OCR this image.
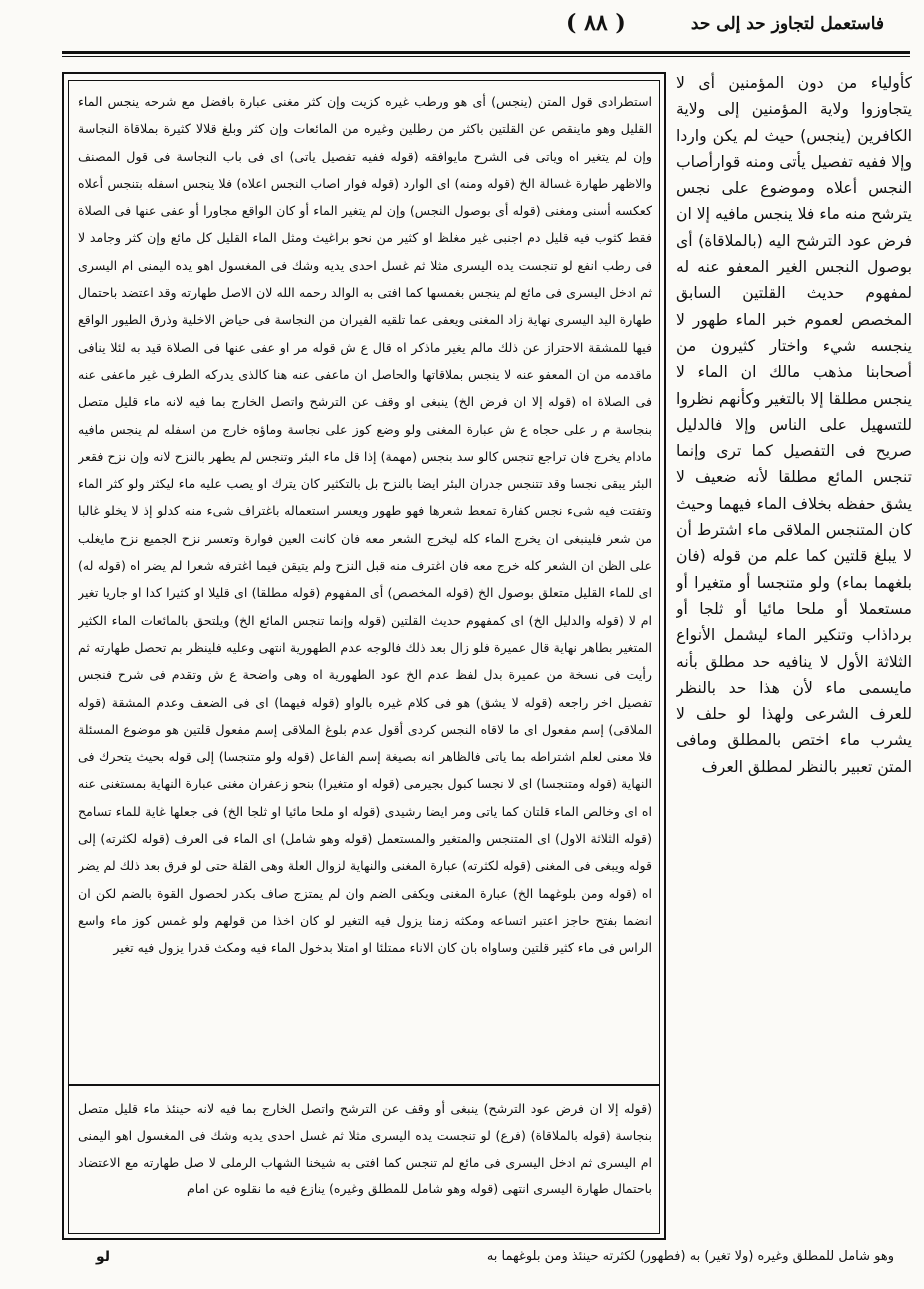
فاستعمل لتجاوز حد إلى حد
( ٨٨ )
استطرادى قول المتن (ينجس) أى هو ورطب غيره كزيت وإن كثر مغنى عبارة بافضل مع شرحه ينجس الماء القليل وهو ماينقص عن القلتين باكثر من رطلين وغيره من المائعات وإن كثر وبلغ قلالا كثيرة بملاقاة النجاسة وإن لم يتغير اه وياتى فى الشرح مايوافقه (قوله ففيه تفصيل ياتى) اى فى باب النجاسة فى قول المصنف والاظهر طهارة غسالة الخ (قوله ومنه) اى الوارد (قوله فوار اصاب النجس اعلاه) فلا ينجس اسفله بتنجس أعلاه كعكسه أسنى ومغنى (قوله أى بوصول النجس) وإن لم يتغير الماء أو كان الواقع مجاورا أو عفى عنها فى الصلاة فقط كثوب فيه قليل دم اجنبى غير مغلظ او كثير من نحو براغيث ومثل الماء القليل كل مائع وإن كثر وجامد لا فى رطب انفع لو تنجست يده اليسرى مثلا ثم غسل احدى يديه وشك فى المغسول اهو يده اليمنى ام اليسرى ثم ادخل اليسرى فى مائع لم ينجس بغمسها كما افتى به الوالد رحمه الله لان الاصل طهارته وقد اعتضد باحتمال طهارة اليد اليسرى نهاية زاد المغنى ويعفى عما تلقيه الفيران من النجاسة فى حياض الاخلية وذرق الطيور الواقع فيها للمشقة الاحتراز عن ذلك مالم يغير ماذكر اه قال ع ش قوله مر او عفى عنها فى الصلاة قيد به لئلا ينافى ماقدمه من ان المعفو عنه لا ينجس بملاقاتها والحاصل ان ماعفى عنه هنا كالذى يدركه الطرف غير ماعفى عنه فى الصلاة اه (قوله إلا ان فرض الخ) ينبغى او وقف عن الترشح واتصل الخارج بما فيه لانه ماء قليل متصل بنجاسة م ر على حجاه ع ش عبارة المغنى ولو وضع كوز على نجاسة وماؤه خارج من اسفله لم ينجس مافيه مادام يخرج فان تراجع تنجس كالو سد بنجس (مهمة) إذا قل ماء البئر وتنجس لم يطهر بالنزح لانه وإن نزح فقعر البئر يبقى نجسا وقد تتنجس جدران البئر ايضا بالنزح بل بالتكثير كان يترك او يصب عليه ماء ليكثر ولو كثر الماء وتفتت فيه شىء نجس كفارة تمعط شعرها فهو طهور ويعسر استعماله باغتراف شىء منه كدلو إذ لا يخلو غالبا من شعر فلينبغى ان يخرج الماء كله ليخرج الشعر معه فان كانت العين فوارة وتعسر نزح الجميع نزح مايغلب على الظن ان الشعر كله خرج معه فان اغترف منه قبل النزح ولم يتيقن فيما اغترفه شعرا لم يضر اه (قوله له) اى للماء القليل متعلق بوصول الخ (قوله المخصص) أى المفهوم (قوله مطلقا) اى قليلا او كثيرا كدا او جاريا تغير ام لا (قوله والدليل الخ) اى كمفهوم حديث القلتين (قوله وإنما تنجس المائع الخ) ويلتحق بالمائعات الماء الكثير المتغير بطاهر نهاية قال عميرة فلو زال بعد ذلك فالوجه عدم الطهورية انتهى وعليه فلينظر بم تحصل طهارته ثم رأيت فى نسخة من عميرة بدل لفظ عدم الخ عود الطهورية اه وهى واضحة ع ش وتقدم فى شرح فنجس تفصيل اخر راجعه (قوله لا يشق) هو فى كلام غيره بالواو (قوله فيهما) اى فى الضعف وعدم المشقة (قوله الملاقى) إسم مفعول اى ما لاقاه النجس كردى أقول عدم بلوغ الملاقى إسم مفعول قلتين هو موضوع المسئلة فلا معنى لعلم اشتراطه بما ياتى فالظاهر انه بصيغة إسم الفاعل (قوله ولو متنجسا) إلى قوله بحيث يتحرك فى النهاية (قوله ومتنجسا) اى لا نجسا كبول بجيرمى (قوله او متغيرا) بنحو زعفران مغنى عبارة النهاية بمستغنى عنه اه اى وخالص الماء قلتان كما ياتى ومر ايضا رشيدى (قوله او ملحا مائيا او ثلجا الخ) فى جعلها غاية للماء تسامح (قوله الثلاثة الاول) اى المتنجس والمتغير والمستعمل (قوله وهو شامل) اى الماء فى العرف (قوله لكثرته) إلى قوله ويبغى فى المغنى (قوله لكثرته) عبارة المغنى والنهاية لزوال العلة وهى القلة حتى لو فرق بعد ذلك لم يضر اه (قوله ومن بلوغهما الخ) عبارة المغنى ويكفى الضم وان لم يمتزج صاف بكدر لحصول القوة بالضم لكن ان انضما بفتح حاجز اعتبر اتساعه ومكثه زمنا يزول فيه التغير لو كان اخذا من قولهم ولو غمس كوز ماء واسع الراس فى ماء كثير قلتين وساواه بان كان الاناء ممتلئا او امتلا بدخول الماء فيه ومكث قدرا يزول فيه تغير
(قوله إلا ان فرض عود الترشح) ينبغى أو وقف عن الترشح واتصل الخارج بما فيه لانه حينئذ ماء قليل متصل بنجاسة (قوله بالملاقاة) (فرع) لو تنجست يده اليسرى مثلا ثم غسل احدى يديه وشك فى المغسول اهو اليمنى ام اليسرى ثم ادخل اليسرى فى مائع لم تنجس كما افتى به شيخنا الشهاب الرملى لا صل طهارته مع الاعتضاد باحتمال طهارة اليسرى انتهى (قوله وهو شامل للمطلق وغيره) ينازع فيه ما نقلوه عن امام
كأولياء من دون المؤمنين أى لا يتجاوزوا ولاية المؤمنين إلى ولاية الكافرين (ينجس) حيث لم يكن واردا وإلا ففيه تفصيل يأتى ومنه قوارأصاب النجس أعلاه وموضوع على نجس يترشح منه ماء فلا ينجس مافيه إلا ان فرض عود الترشح اليه (بالملاقاة) أى بوصول النجس الغير المعفو عنه له لمفهوم حديث القلتين السابق المخصص لعموم خبر الماء طهور لا ينجسه شيء واختار كثيرون من أصحابنا مذهب مالك ان الماء لا ينجس مطلقا إلا بالتغير وكأنهم نظروا للتسهيل على الناس وإلا فالدليل صريح فى التفصيل كما ترى وإنما تنجس المائع مطلقا لأنه ضعيف لا يشق حفظه بخلاف الماء فيهما وحيث كان المتنجس الملاقى ماء اشترط أن لا يبلغ قلتين كما علم من قوله (فان بلغهما بماء) ولو متنجسا أو متغيرا أو مستعملا أو ملحا مائيا أو ثلجا أو برداذاب وتنكير الماء ليشمل الأنواع الثلاثة الأول لا ينافيه حد مطلق بأنه مايسمى ماء لأن هذا حد بالنظر للعرف الشرعى ولهذا لو حلف لا يشرب ماء اختص بالمطلق ومافى المتن تعبير بالنظر لمطلق العرف
وهو شامل للمطلق وغيره (ولا تغير) به (فطهور) لكثرته حينئذ ومن بلوغهما به
لو
